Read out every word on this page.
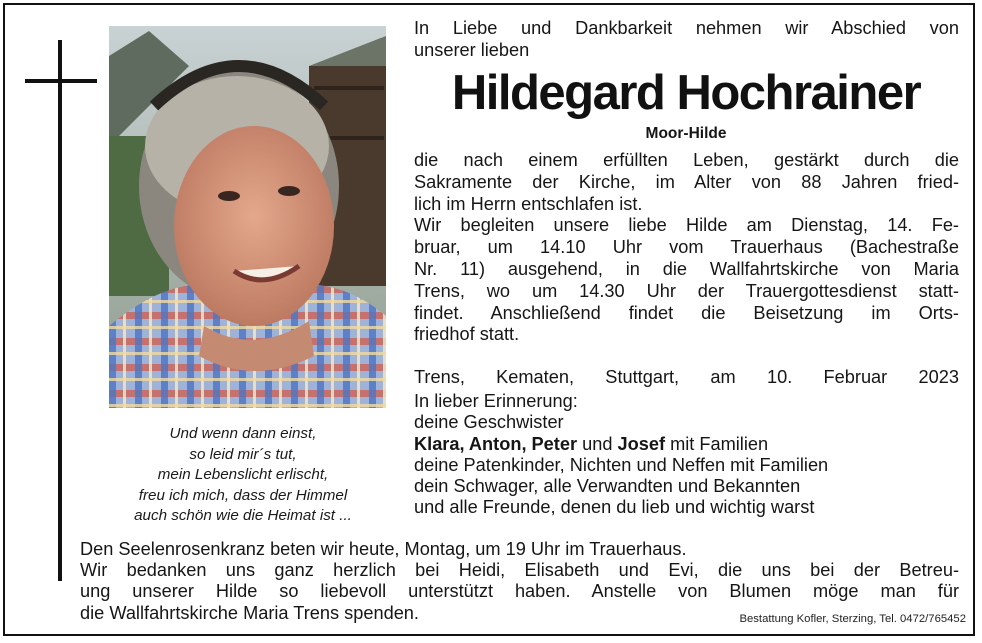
Und wenn dann einst,
so leid mir´s tut,
mein Lebenslicht erlischt,
freu ich mich, dass der Himmel
auch schön wie die Heimat ist ...
In Liebe und Dankbarkeit nehmen wir Abschied von
unserer lieben
Hildegard Hochrainer
Moor-Hilde
die nach einem erfüllten Leben, gestärkt durch die
Sakramente der Kirche, im Alter von 88 Jahren fried-
lich im Herrn entschlafen ist.
Wir begleiten unsere liebe Hilde am Dienstag, 14. Fe-
bruar, um 14.10 Uhr vom Trauerhaus (Bachestraße
Nr. 11) ausgehend, in die Wallfahrtskirche von Maria
Trens, wo um 14.30 Uhr der Trauergottesdienst statt-
findet. Anschließend findet die Beisetzung im Orts-
friedhof statt.
Trens, Kematen, Stuttgart, am 10. Februar 2023
In lieber Erinnerung:
deine Geschwister
Klara, Anton, Peter und Josef mit Familien
deine Patenkinder, Nichten und Neffen mit Familien
dein Schwager, alle Verwandten und Bekannten
und alle Freunde, denen du lieb und wichtig warst
Den Seelenrosenkranz beten wir heute, Montag, um 19 Uhr im Trauerhaus.
Wir bedanken uns ganz herzlich bei Heidi, Elisabeth und Evi, die uns bei der Betreu-
ung unserer Hilde so liebevoll unterstützt haben. Anstelle von Blumen möge man für
die Wallfahrtskirche Maria Trens spenden.	Bestattung Kofler, Sterzing, Tel. 0472/765452
